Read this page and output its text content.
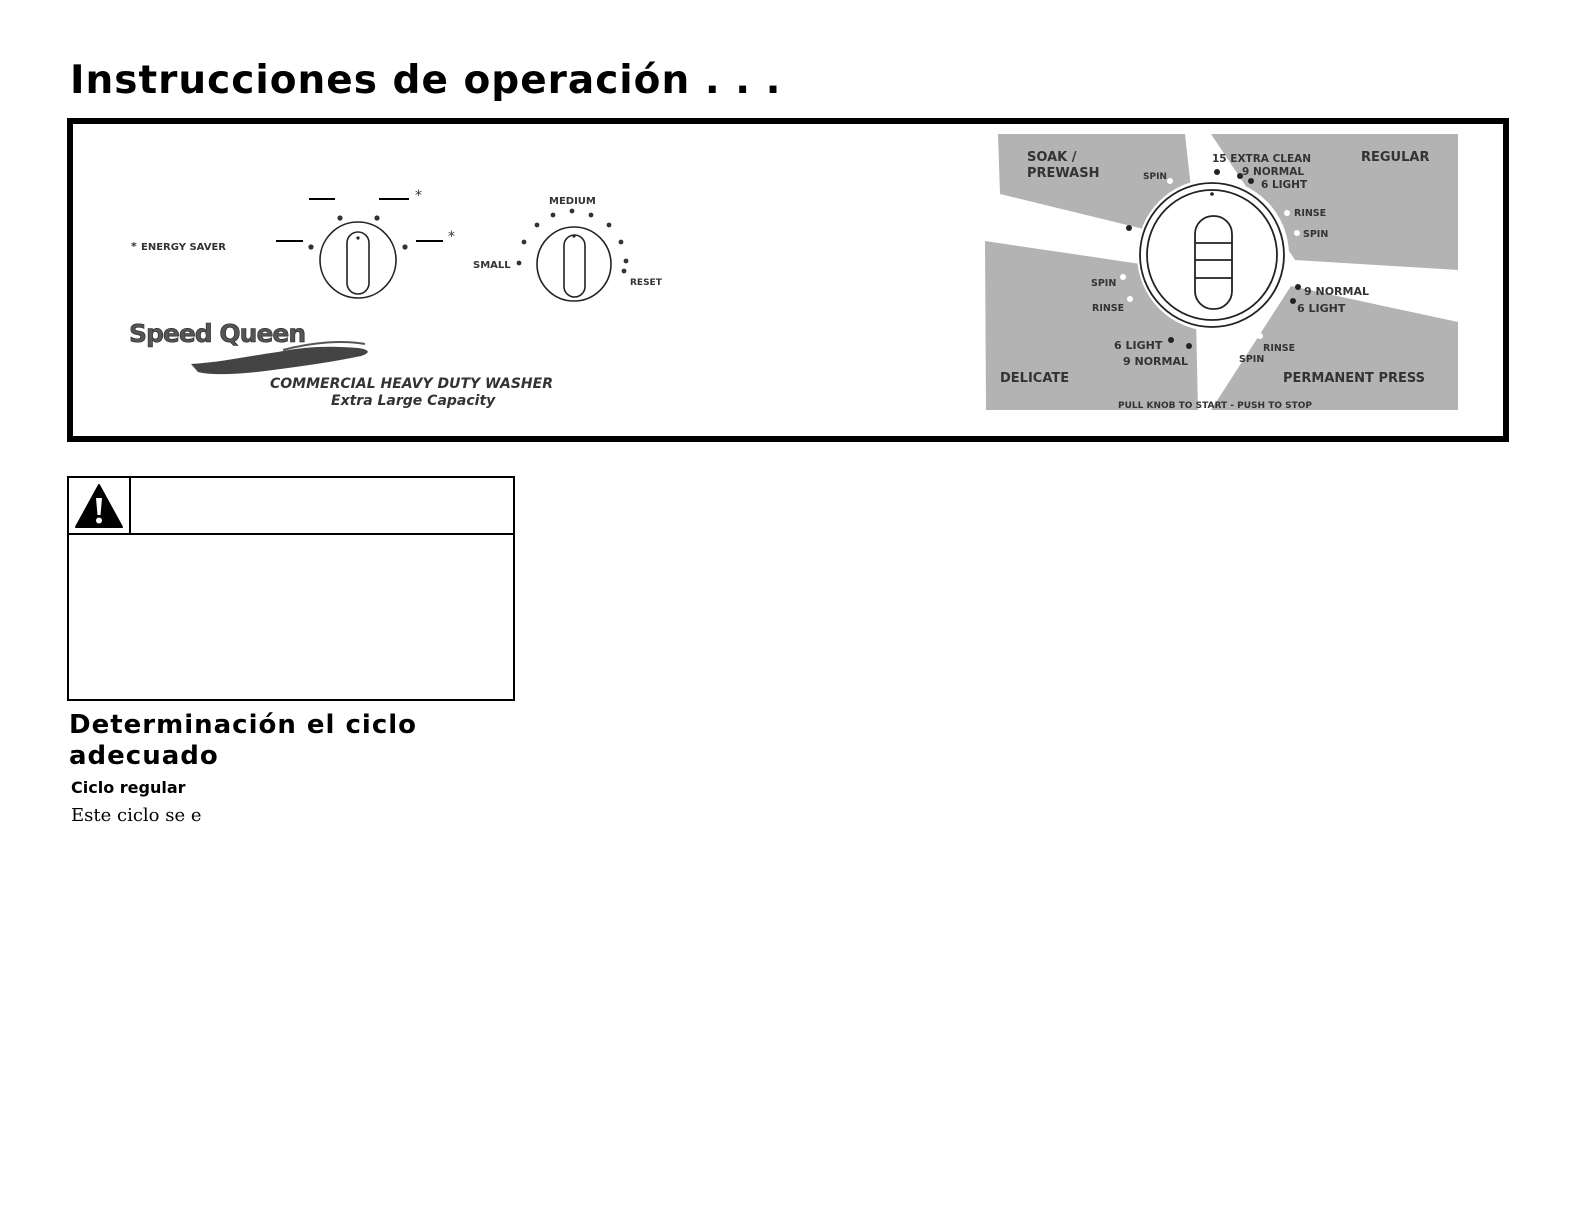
Instrucciones de operación . . .
* ENERGY SAVER
*
*
MEDIUM
SMALL
RESET
Speed Queen
COMMERCIAL HEAVY DUTY WASHER
Extra Large Capacity
SOAK /
PREWASH
REGULAR
DELICATE	PERMANENT PRESS
SPIN
15 EXTRA CLEAN
9 NORMAL
6 LIGHT
RINSE
SPIN
9 NORMAL
6 LIGHT
RINSE
SPIN
SPIN
RINSE
6 LIGHT
9 NORMAL
PULL KNOB TO START - PUSH TO STOP
Determinación el ciclo adecuado
Ciclo regular

Este ciclo se e
